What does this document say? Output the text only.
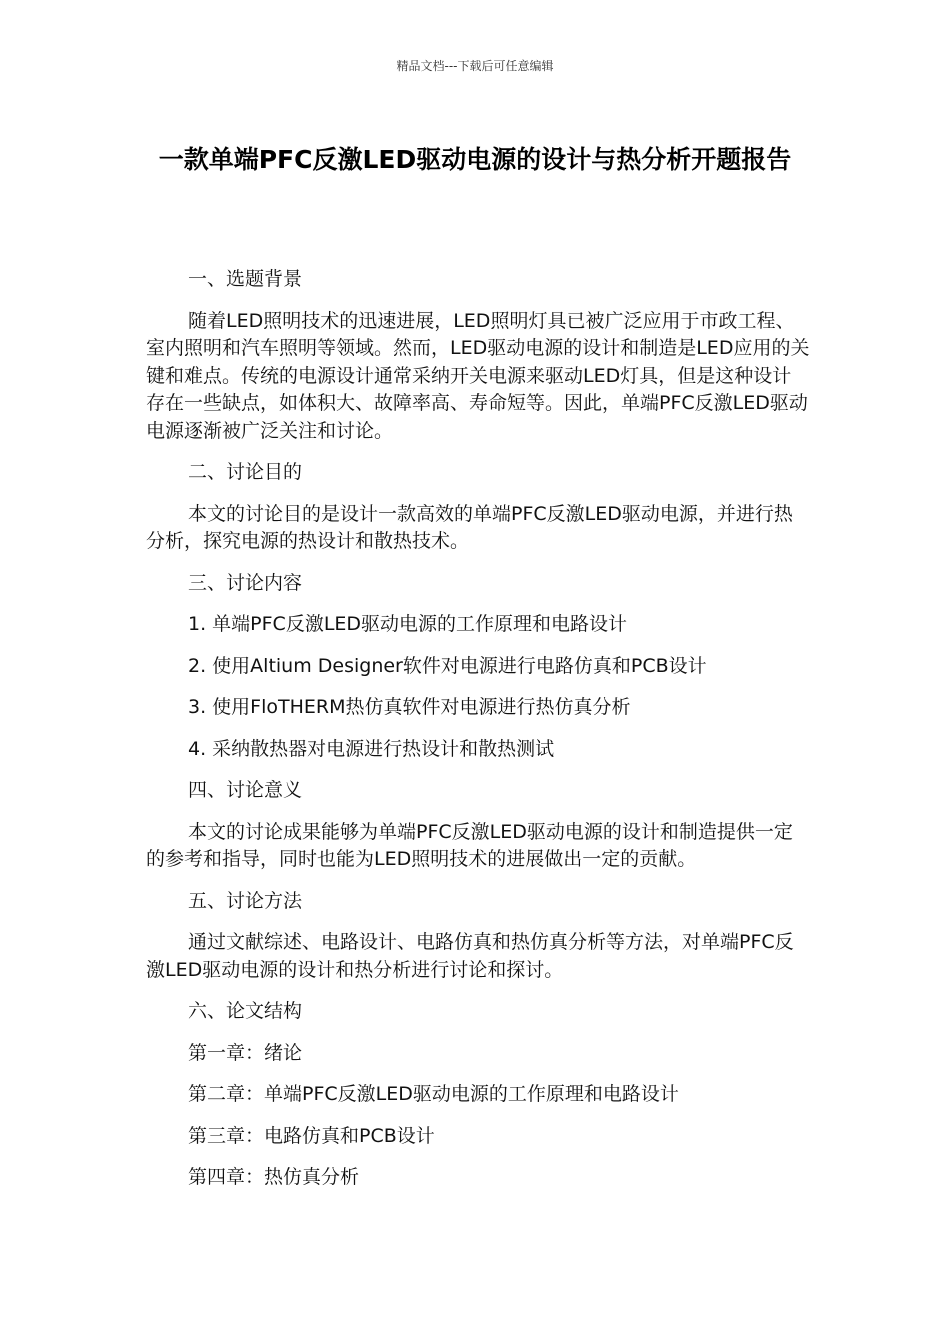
精品文档---下载后可任意编辑
一款单端PFC反激LED驱动电源的设计与热分析开题报告

一、选题背景

随着LED照明技术的迅速进展，LED照明灯具已被广泛应用于市政工程、室内照明和汽车照明等领域。然而，LED驱动电源的设计和制造是LED应用的关键和难点。传统的电源设计通常采纳开关电源来驱动LED灯具，但是这种设计存在一些缺点，如体积大、故障率高、寿命短等。因此，单端PFC反激LED驱动电源逐渐被广泛关注和讨论。

二、讨论目的

本文的讨论目的是设计一款高效的单端PFC反激LED驱动电源，并进行热分析，探究电源的热设计和散热技术。

三、讨论内容

1. 单端PFC反激LED驱动电源的工作原理和电路设计

2. 使用Altium Designer软件对电源进行电路仿真和PCB设计

3. 使用FloTHERM热仿真软件对电源进行热仿真分析

4. 采纳散热器对电源进行热设计和散热测试

四、讨论意义

本文的讨论成果能够为单端PFC反激LED驱动电源的设计和制造提供一定的参考和指导，同时也能为LED照明技术的进展做出一定的贡献。

五、讨论方法

通过文献综述、电路设计、电路仿真和热仿真分析等方法，对单端PFC反激LED驱动电源的设计和热分析进行讨论和探讨。

六、论文结构

第一章：绪论

第二章：单端PFC反激LED驱动电源的工作原理和电路设计

第三章：电路仿真和PCB设计

第四章：热仿真分析
